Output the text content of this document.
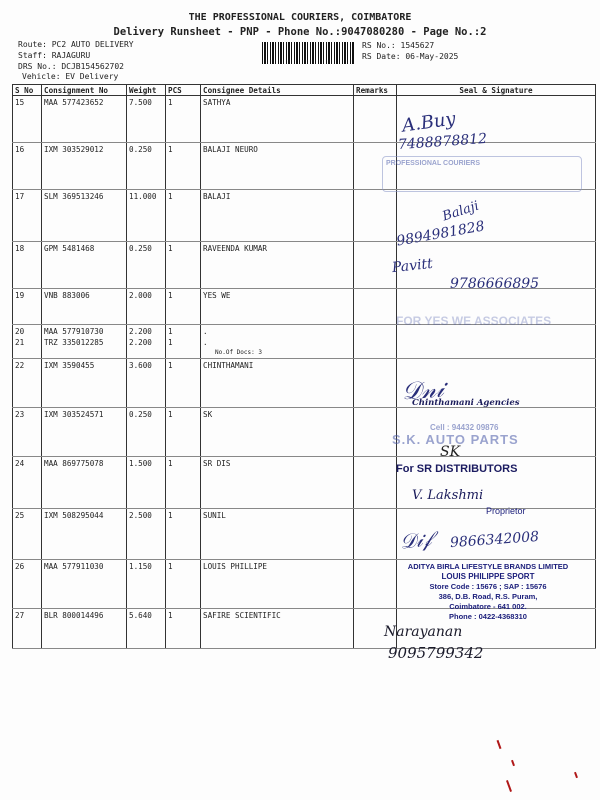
THE PROFESSIONAL COURIERS, COIMBATORE
Delivery Runsheet - PNP - Phone No.:9047080280 - Page No.:2
Route: PC2 AUTO DELIVERY
Staff: RAJAGURU
DRS No.: DCJB154562702
Vehicle: EV Delivery
RS No.: 1545627
RS Date: 06-May-2025
S No	Consignment No	Weight	PCS	Consignee Details	Remarks	Seal & Signature
15	MAA 577423652	7.500	1	SATHYA		
16	IXM 303529012	0.250	1	BALAJI NEURO		
17	SLM 369513246	11.000	1	BALAJI		
18	GPM 5481468	0.250	1	RAVEENDA KUMAR		
19	VNB 883006	2.000	1	YES WE		
20	MAA 577910730	2.200	1	.		
21	TRZ 335012285	2.200	1	.
No.Of Docs: 3		

22	IXM 3590455	3.600	1	CHINTHAMANI		
23	IXM 303524571	0.250	1	SK		
24	MAA 869775078	1.500	1	SR DIS		
25	IXM 508295044	2.500	1	SUNIL		
26	MAA 577911030	1.150	1	LOUIS PHILLIPE		
27	BLR 800014496	5.640	1	SAFIRE SCIENTIFIC		
A.Buy
7488878812
PROFESSIONAL COURIERS
Balaji
9894981828
Pavitt
9786666895
FOR YES WE ASSOCIATES
𝒟𝓃𝒾
Chinthamani Agencies
Cell : 94432 09876
S.K. AUTO PARTS
SK
For SR DISTRIBUTORS
V. Lakshmi
Proprietor
𝒟𝒾𝒻 9866342008
ADITYA BIRLA LIFESTYLE BRANDS LIMITED
LOUIS PHILIPPE SPORT
Store Code : 15676 ; SAP : 15676
386, D.B. Road, R.S. Puram,
Coimbatore - 641 002.
Phone : 0422-4368310
Narayanan
9095799342
